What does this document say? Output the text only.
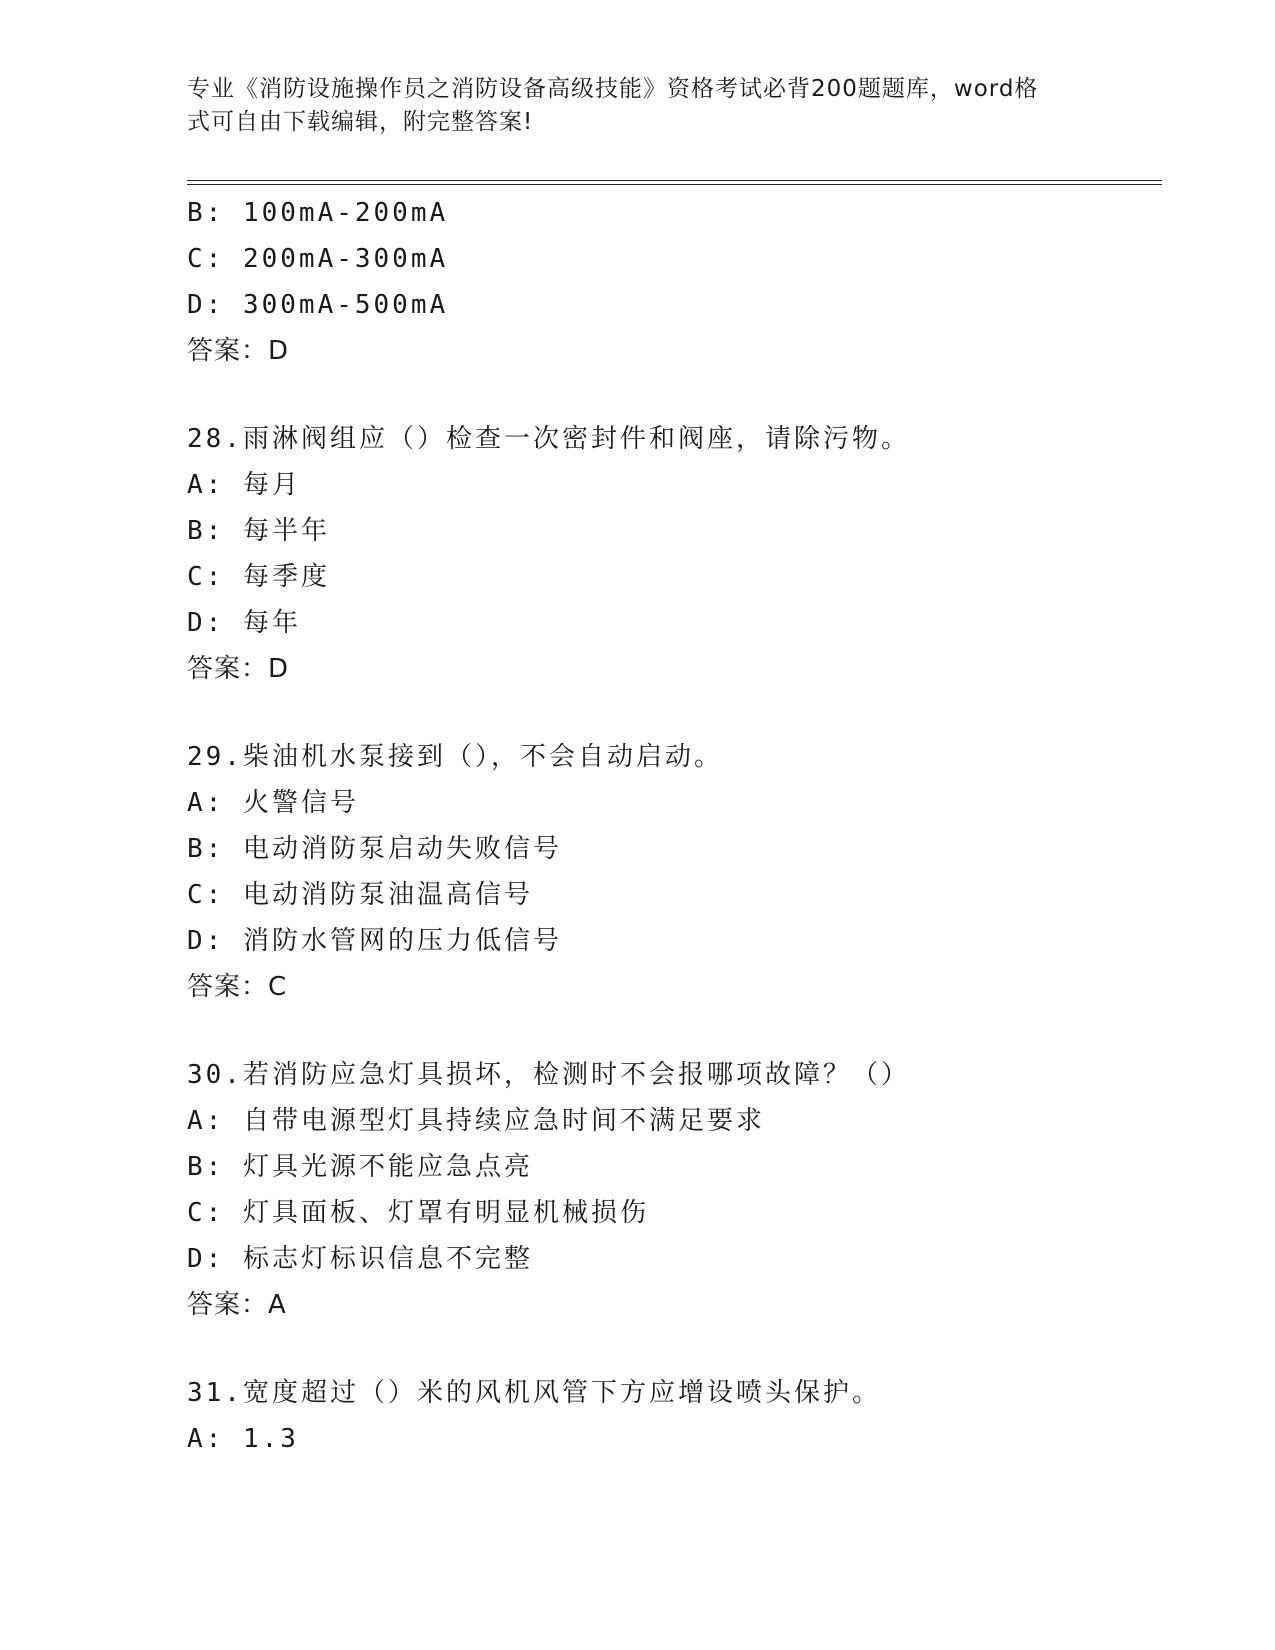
专业《消防设施操作员之消防设备高级技能》资格考试必背200题题库，word格
式可自由下载编辑，附完整答案!
B: 100mA-200mA
C: 200mA-300mA
D: 300mA-500mA
答案：D
28.雨淋阀组应（）检查一次密封件和阀座，请除污物。
A: 每月
B: 每半年
C: 每季度
D: 每年
答案：D
29.柴油机水泵接到（），不会自动启动。
A: 火警信号
B: 电动消防泵启动失败信号
C: 电动消防泵油温高信号
D: 消防水管网的压力低信号
答案：C
30.若消防应急灯具损坏，检测时不会报哪项故障？（）
A: 自带电源型灯具持续应急时间不满足要求
B: 灯具光源不能应急点亮
C: 灯具面板、灯罩有明显机械损伤
D: 标志灯标识信息不完整
答案：A
31.宽度超过（）米的风机风管下方应增设喷头保护。
A: 1.3
